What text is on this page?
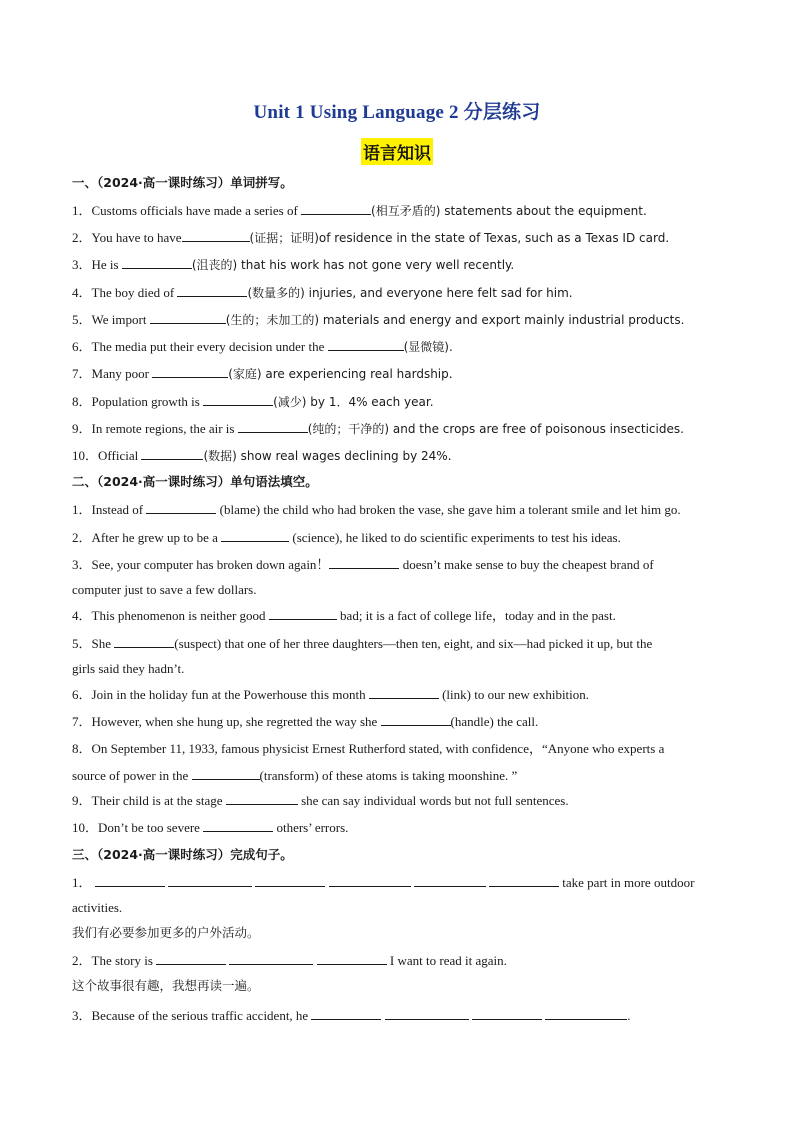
Unit 1 Using Language 2 分层练习
语言知识
一、（2024·高一课时练习）单词拼写。
1．Customs officials have made a series of	(相互矛盾的) statements about the equipment.
2．You have to have	(证据；证明)of residence in the state of Texas, such as a Texas ID card.
3．He is	(沮丧的) that his work has not gone very well recently.
4．The boy died of	(数量多的) injuries, and everyone here felt sad for him.
5．We import	(生的；未加工的) materials and energy and export mainly industrial products.
6．The media put their every decision under the	(显微镜).
7．Many poor	(家庭) are experiencing real hardship.
8．Population growth is	(减少) by 1．4% each year.
9．In remote regions, the air is	(纯的；干净的) and the crops are free of poisonous insecticides.
10．Official	(数据) show real wages declining by 24%.
二、（2024·高一课时练习）单句语法填空。
1．Instead of	(blame) the child who had broken the vase, she gave him a tolerant smile and let him go.
2．After he grew up to be a	(science), he liked to do scientific experiments to test his ideas.
3．See, your computer has broken down again！	doesn’t make sense to buy the cheapest brand of
computer just to save a few dollars.
4．This phenomenon is neither good	bad; it is a fact of college life，today and in the past.
5．She	(suspect) that one of her three daughters—then ten, eight, and six—had picked it up, but the
girls said they hadn’t.
6．Join in the holiday fun at the Powerhouse this month	(link) to our new exhibition.
7．However, when she hung up, she regretted the way she	(handle) the call.
8．On September 11, 1933, famous physicist Ernest Rutherford stated, with confidence，“Anyone who experts a
source of power in the	(transform) of these atoms is taking moonshine. ”
9．Their child is at the stage	she can say individual words but not full sentences.
10．Don’t be too severe	others’ errors.
三、（2024·高一课时练习）完成句子。
1．	take part in more outdoor
activities.
我们有必要参加更多的户外活动。
2．The story is	I want to read it again.
这个故事很有趣，我想再读一遍。
3．Because of the serious traffic accident, he	.
